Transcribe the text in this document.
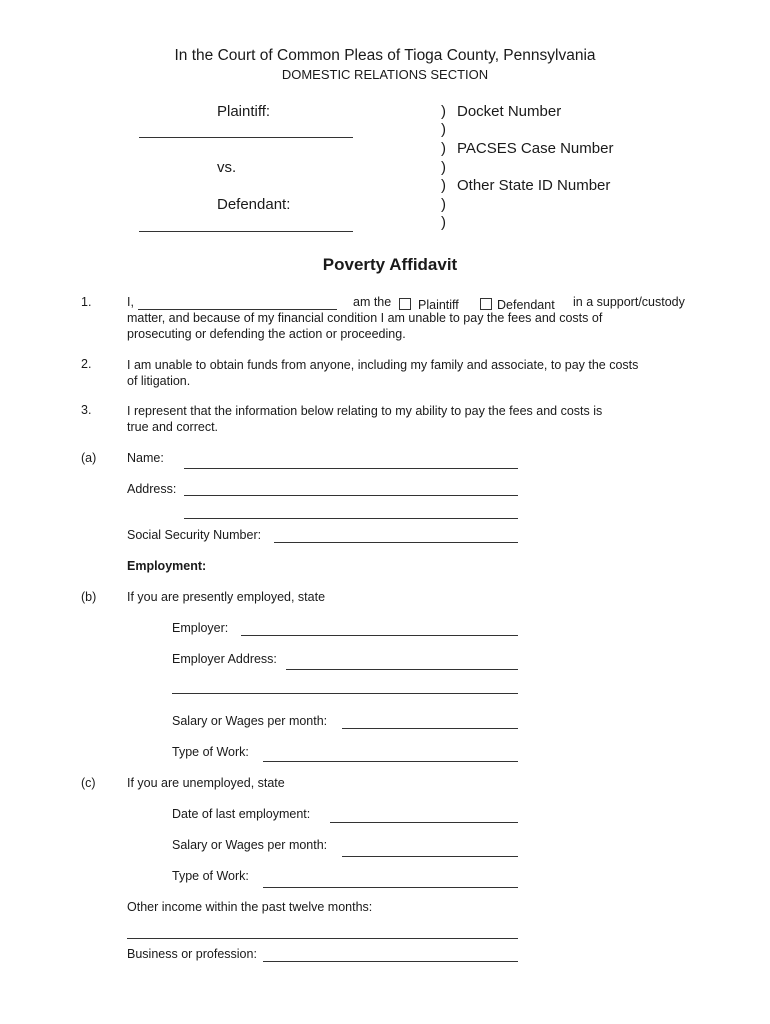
In the Court of Common Pleas of Tioga County, Pennsylvania
DOMESTIC RELATIONS SECTION
Plaintiff:
vs.
Defendant:
)
)
)
)
)
)
)
Docket Number
PACSES Case Number
Other State ID Number
Poverty Affidavit
1.	I,	am the Plaintiff	Defendant in a support/custody
matter, and because of my financial condition I am unable to pay the fees and costs of
prosecuting or defending the action or proceeding.
2.	I am unable to obtain funds from anyone, including my family and associate, to pay the costs
of litigation.
3.	I represent that the information below relating to my ability to pay the fees and costs is
true and correct.
(a) Name:
Address:
Social Security Number:
Employment:
(b) If you are presently employed, state
Employer:
Employer Address:
Salary or Wages per month:
Type of Work:
(c)	If you are unemployed, state
Date of last employment:
Salary or Wages per month:
Type of Work:
Other income within the past twelve months:
Business or profession:
